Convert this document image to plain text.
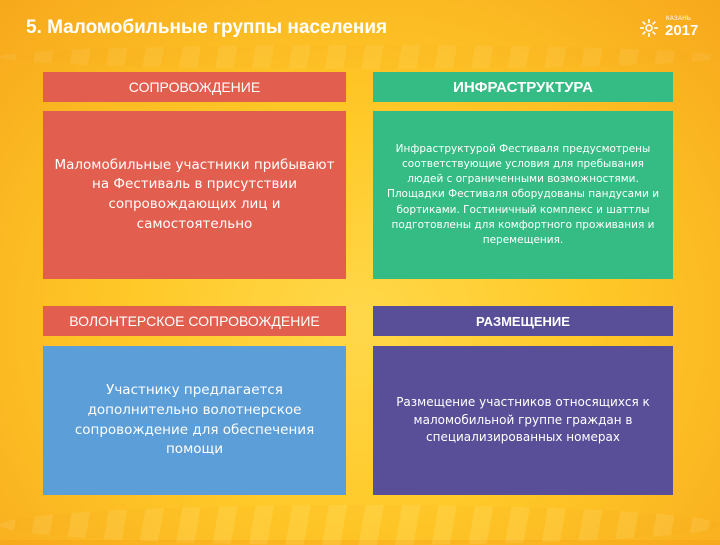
5. Маломобильные группы населения	КАЗАНЬ
2017
СОПРОВОЖДЕНИЕ
Маломобильные участники прибывают на Фестиваль в присутствии сопровождающих лиц и самостоятельно
ИНФРАСТРУКТУРА
Инфраструктурой Фестиваля предусмотрены соответствующие условия для пребывания людей с ограниченными возможностями. Площадки Фестиваля оборудованы пандусами и бортиками. Гостиничный комплекс и шаттлы подготовлены для комфортного проживания и перемещения.
ВОЛОНТЕРСКОЕ СОПРОВОЖДЕНИЕ
Участнику предлагается дополнительно волотнерское сопровождение для обеспечения помощи
РАЗМЕЩЕНИЕ
Размещение участников относящихся к маломобильной группе граждан в специализированных номерах
